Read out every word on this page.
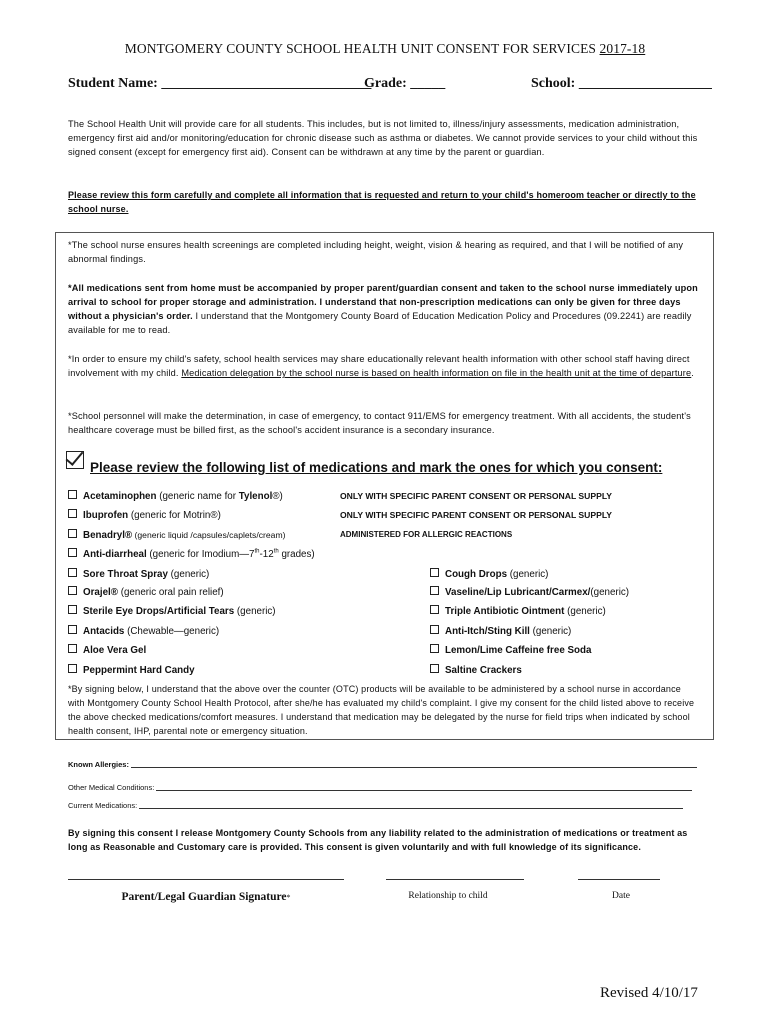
MONTGOMERY COUNTY SCHOOL HEALTH UNIT CONSENT FOR SERVICES 2017-18
Student Name: ______________________________
Grade: _____	School: ___________________
The School Health Unit will provide care for all students. This includes, but is not limited to, illness/injury assessments, medication administration, emergency first aid and/or monitoring/education for chronic disease such as asthma or diabetes. We cannot provide services to your child without this signed consent (except for emergency first aid). Consent can be withdrawn at any time by the parent or guardian.
Please review this form carefully and complete all information that is requested and return to your child's homeroom teacher or directly to the school nurse.
*The school nurse ensures health screenings are completed including height, weight, vision & hearing as required, and that I will be notified of any abnormal findings.
*All medications sent from home must be accompanied by proper parent/guardian consent and taken to the school nurse immediately upon arrival to school for proper storage and administration. I understand that non-prescription medications can only be given for three days without a physician's order. I understand that the Montgomery County Board of Education Medication Policy and Procedures (09.2241) are readily available for me to read.
*In order to ensure my child's safety, school health services may share educationally relevant health information with other school staff having direct involvement with my child. Medication delegation by the school nurse is based on health information on file in the health unit at the time of departure.
*School personnel will make the determination, in case of emergency, to contact 911/EMS for emergency treatment. With all accidents, the student's healthcare coverage must be billed first, as the school's accident insurance is a secondary insurance.
Please review the following list of medications and mark the ones for which you consent:
Acetaminophen (generic name for Tylenol®)	ONLY WITH SPECIFIC PARENT CONSENT OR PERSONAL SUPPLY
Ibuprofen (generic for Motrin®)	ONLY WITH SPECIFIC PARENT CONSENT OR PERSONAL SUPPLY
Benadryl® (generic liquid /capsules/caplets/cream)	ADMINISTERED FOR ALLERGIC REACTIONS
Anti-diarrheal (generic for Imodium—7th-12th grades)
Sore Throat Spray (generic)	Cough Drops (generic)
Orajel® (generic oral pain relief)	Vaseline/Lip Lubricant/Carmex/(generic)
Sterile Eye Drops/Artificial Tears (generic)	Triple Antibiotic Ointment (generic)
Antacids (Chewable—generic)	Anti-Itch/Sting Kill (generic)
Aloe Vera Gel	Lemon/Lime Caffeine free Soda
Peppermint Hard Candy	Saltine Crackers
*By signing below, I understand that the above over the counter (OTC) products will be available to be administered by a school nurse in accordance with Montgomery County School Health Protocol, after she/he has evaluated my child's complaint. I give my consent for the child listed above to receive the above checked medications/comfort measures. I understand that medication may be delegated by the nurse for field trips when indicated by school health consent, IHP, parental note or emergency situation.
Known Allergies:
Other Medical Conditions:
Current Medications:
By signing this consent I release Montgomery County Schools from any liability related to the administration of medications or treatment as long as Reasonable and Customary care is provided. This consent is given voluntarily and with full knowledge of its significance.
Parent/Legal Guardian Signature*	Relationship to child	Date
Revised 4/10/17
